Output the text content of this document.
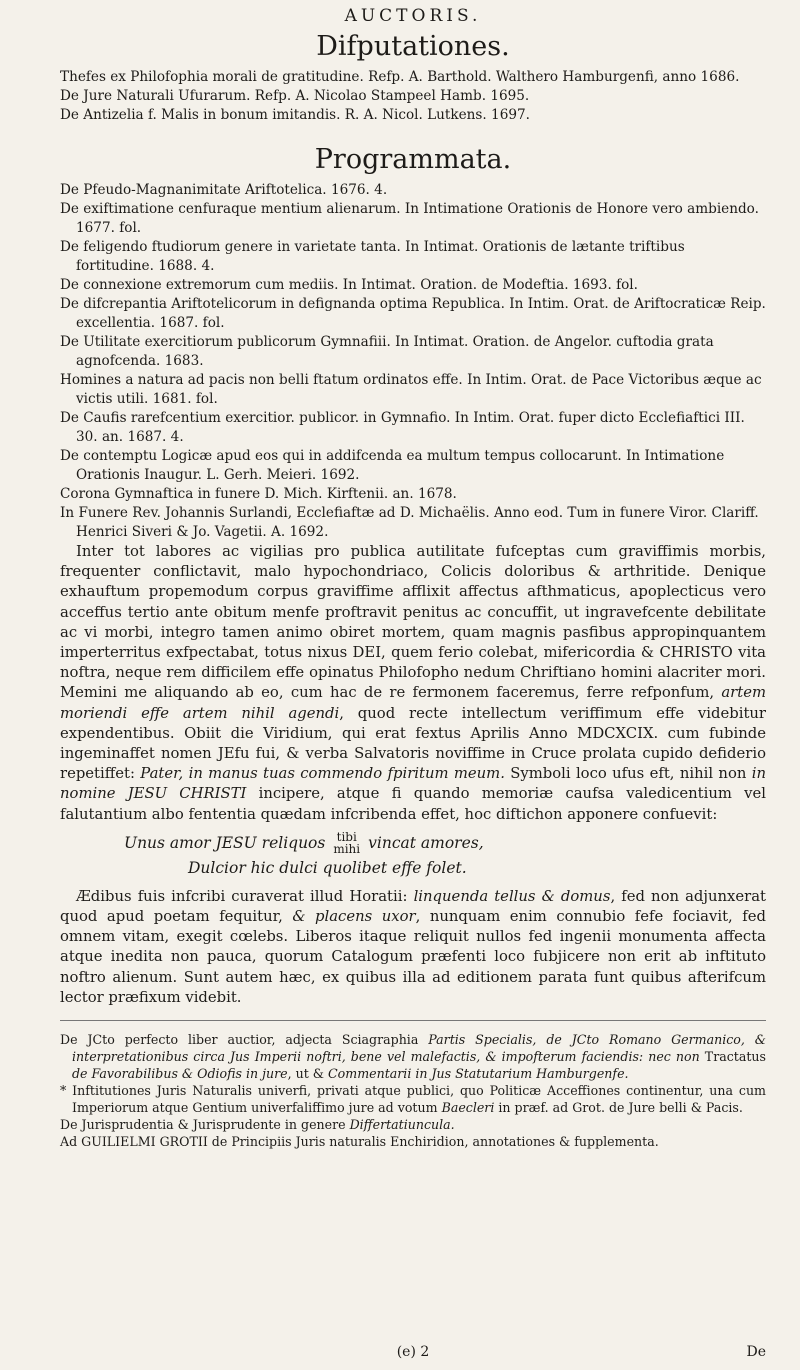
AUCTORIS.
Difputationes.

Thefes ex Philofophia morali de gratitudine. Refp. A. Barthold. Walthero Hamburgenfi, anno 1686.

De Jure Naturali Ufurarum. Refp. A. Nicolao Stampeel Hamb. 1695.

De Antizelia f. Malis in bonum imitandis. R. A. Nicol. Lutkens. 1697.

Programmata.

De Pfeudo-Magnanimitate Ariftotelica. 1676. 4.

De exiftimatione cenfuraque mentium alienarum. In Intimatione Orationis de Honore vero ambiendo. 1677. fol.

De feligendo ftudiorum genere in varietate tanta. In Intimat. Orationis de lætante triftibus fortitudine. 1688. 4.

De connexione extremorum cum mediis. In Intimat. Oration. de Modeftia. 1693. fol.

De difcrepantia Ariftotelicorum in defignanda optima Republica. In Intim. Orat. de Ariftocraticæ Reip. excellentia. 1687. fol.

De Utilitate exercitiorum publicorum Gymnafiii. In Intimat. Oration. de Angelor. cuftodia grata agnofcenda. 1683.

Homines a natura ad pacis non belli ftatum ordinatos effe. In Intim. Orat. de Pace Victoribus æque ac victis utili. 1681. fol.

De Caufis rarefcentium exercitior. publicor. in Gymnafio. In Intim. Orat. fuper dicto Ecclefiaftici III. 30. an. 1687. 4.

De contemptu Logicæ apud eos qui in addifcenda ea multum tempus collocarunt. In Intimatione Orationis Inaugur. L. Gerh. Meieri. 1692.

Corona Gymnaftica in funere D. Mich. Kirftenii. an. 1678.

In Funere Rev. Johannis Surlandi, Ecclefiaftæ ad D. Michaëlis. Anno eod. Tum in funere Viror. Clariff. Henrici Siveri & Jo. Vagetii. A. 1692.

Inter tot labores ac vigilias pro publica autilitate fufceptas cum graviffimis morbis, frequenter conflictavit, malo hypochondriaco, Colicis doloribus & arthritide. Denique exhauftum propemodum corpus graviffime afflixit affectus afthmaticus, apoplecticus vero acceffus tertio ante obitum menfe proftravit penitus ac concuffit, ut ingravefcente debilitate ac vi morbi, integro tamen animo obiret mortem, quam magnis pasfibus appropinquantem imperterritus exfpectabat, totus nixus DEI, quem ferio colebat, mifericordia & CHRISTO vita noftra, neque rem difficilem effe opinatus Philofopho nedum Chriftiano homini alacriter mori. Memini me aliquando ab eo, cum hac de re fermonem faceremus, ferre refponfum, artem moriendi effe artem nihil agendi, quod recte intellectum veriffimum effe videbitur expendentibus. Obiit die Viridium, qui erat fextus Aprilis Anno MDCXCIX. cum fubinde ingeminaffet nomen JEfu fui, & verba Salvatoris noviffime in Cruce prolata cupido defiderio repetiffet: Pater, in manus tuas commendo fpiritum meum. Symboli loco ufus eft, nihil non in nomine JESU CHRISTI incipere, atque fi quando memoriæ caufsa valedicentium vel falutantium albo fententia quædam infcribenda effet, hoc diftichon apponere confuevit:

Unus amor JESU reliquos tibi
mihi vincat amores,
Dulcior hic dulci quolibet effe folet.

Ædibus fuis infcribi curaverat illud Horatii: linquenda tellus & domus, fed non adjunxerat quod apud poetam fequitur, & placens uxor, nunquam enim connubio fefe fociavit, fed omnem vitam, exegit cœlebs. Liberos itaque reliquit nullos fed ingenii monumenta affecta atque inedita non pauca, quorum Catalogum præfenti loco fubjicere non erit ab inftituto noftro alienum. Sunt autem hæc, ex quibus illa ad editionem parata funt quibus afterifcum lector præfixum videbit.

De JCto perfecto liber auctior, adjecta Sciagraphia Partis Specialis, de JCto Romano Germanico, & interpretationibus circa Jus Imperii noftri, bene vel malefactis, & impofterum faciendis: nec non Tractatus de Favorabilibus & Odiofis in jure, ut & Commentarii in Jus Statutarium Hamburgenfe.

* Inftitutiones Juris Naturalis univerfi, privati atque publici, quo Politicæ Acceffiones continentur, una cum Imperiorum atque Gentium univerfaliffimo jure ad votum Baecleri in præf. ad Grot. de Jure belli & Pacis.

De Jurisprudentia & Jurisprudente in genere Differtatiuncula.

Ad GUILIELMI GROTII de Principiis Juris naturalis Enchiridion, annotationes & fupplementa.

(e) 2	De
